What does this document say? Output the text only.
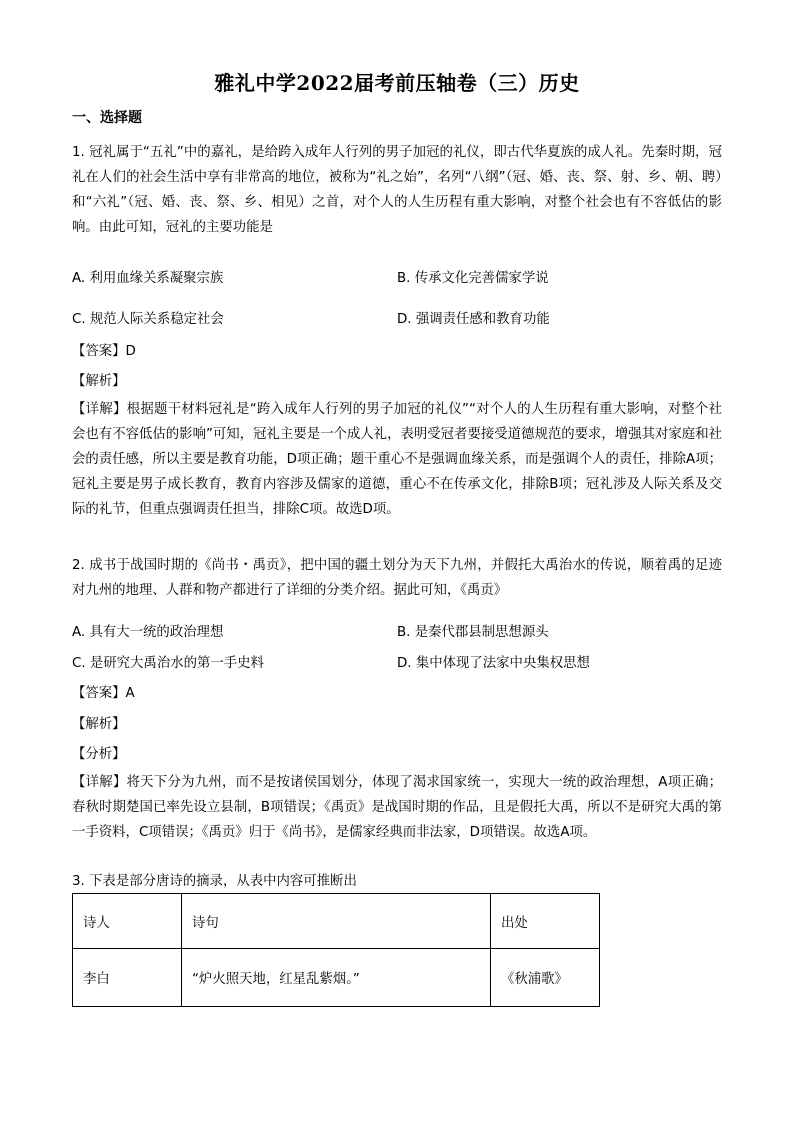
雅礼中学2022届考前压轴卷（三）历史
一、选择题
1. 冠礼属于“五礼”中的嘉礼，是给跨入成年人行列的男子加冠的礼仪，即古代华夏族的成人礼。先秦时期，冠礼在人们的社会生活中享有非常高的地位，被称为“礼之始”，名列“八纲”（冠、婚、丧、祭、射、乡、朝、聘）和“六礼”（冠、婚、丧、祭、乡、相见）之首，对个人的人生历程有重大影响，对整个社会也有不容低估的影响。由此可知，冠礼的主要功能是
A. 利用血缘关系凝聚宗族	B. 传承文化完善儒家学说
C. 规范人际关系稳定社会	D. 强调责任感和教育功能
【答案】D
【解析】
【详解】根据题干材料冠礼是“跨入成年人行列的男子加冠的礼仪”“对个人的人生历程有重大影响，对整个社会也有不容低估的影响”可知，冠礼主要是一个成人礼，表明受冠者要接受道德规范的要求，增强其对家庭和社会的责任感，所以主要是教育功能，D项正确；题干重心不是强调血缘关系，而是强调个人的责任，排除A项；冠礼主要是男子成长教育，教育内容涉及儒家的道德，重心不在传承文化，排除B项；冠礼涉及人际关系及交际的礼节，但重点强调责任担当，排除C项。故选D项。
2. 成书于战国时期的《尚书・禹贡》，把中国的疆土划分为天下九州，并假托大禹治水的传说，顺着禹的足迹对九州的地理、人群和物产都进行了详细的分类介绍。据此可知，《禹贡》
A. 具有大一统的政治理想	B. 是秦代郡县制思想源头
C. 是研究大禹治水的第一手史料	D. 集中体现了法家中央集权思想
【答案】A
【解析】
【分析】
【详解】将天下分为九州，而不是按诸侯国划分，体现了渴求国家统一，实现大一统的政治理想，A项正确；春秋时期楚国已率先设立县制，B项错误；《禹贡》是战国时期的作品，且是假托大禹，所以不是研究大禹的第一手资料，C项错误；《禹贡》归于《尚书》，是儒家经典而非法家，D项错误。故选A项。
3. 下表是部分唐诗的摘录，从表中内容可推断出
诗人	诗句	出处
李白	“炉火照天地，红星乱紫烟。”	《秋浦歌》
